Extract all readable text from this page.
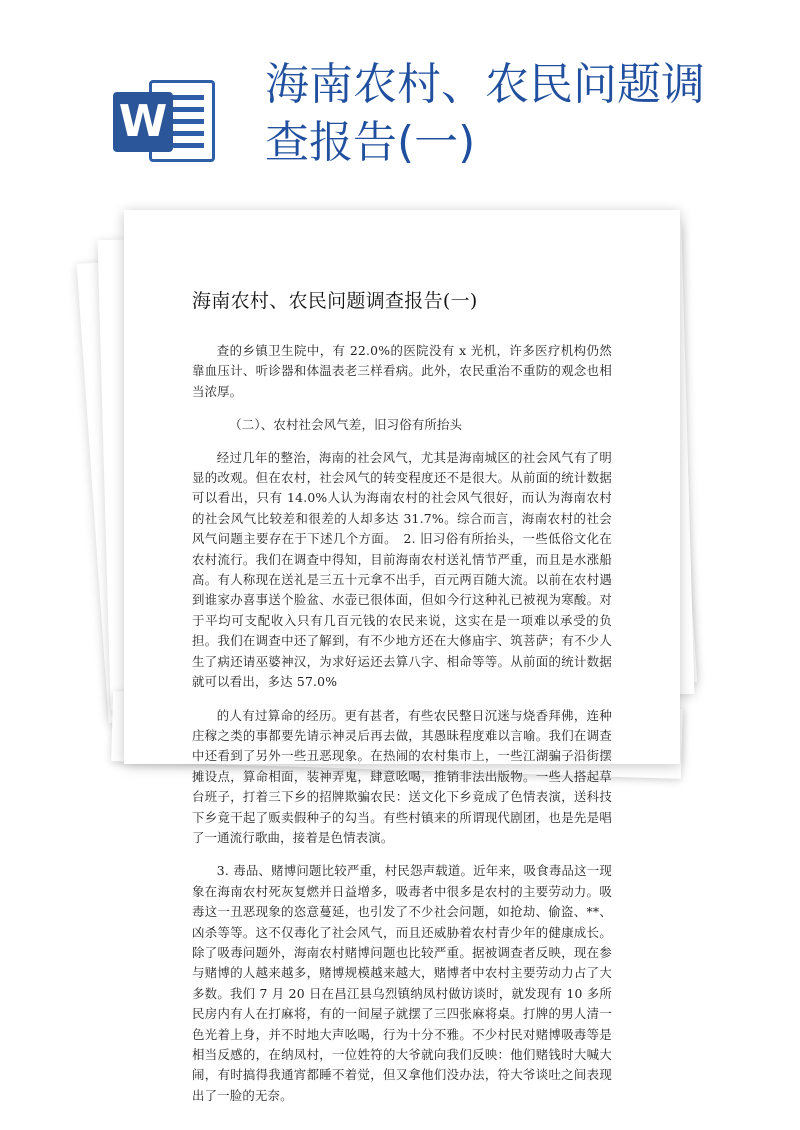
W
海南农村、农民问题调查报告(一)
海南农村、农民问题调查报告(一)

查的乡镇卫生院中，有 22.0%的医院没有 x 光机，许多医疗机构仍然靠血压计、听诊器和体温表老三样看病。此外，农民重治不重防的观念也相当浓厚。

（二）、农村社会风气差，旧习俗有所抬头

经过几年的整治，海南的社会风气，尤其是海南城区的社会风气有了明显的改观。但在农村，社会风气的转变程度还不是很大。从前面的统计数据可以看出，只有 14.0%人认为海南农村的社会风气很好，而认为海南农村的社会风气比较差和很差的人却多达 31.7%。综合而言，海南农村的社会风气问题主要存在于下述几个方面。　2. 旧习俗有所抬头，一些低俗文化在农村流行。我们在调查中得知，目前海南农村送礼情节严重，而且是水涨船高。有人称现在送礼是三五十元拿不出手，百元两百随大流。以前在农村遇到谁家办喜事送个脸盆、水壶已很体面，但如今行这种礼已被视为寒酸。对于平均可支配收入只有几百元钱的农民来说，这实在是一项难以承受的负担。我们在调查中还了解到，有不少地方还在大修庙宇、筑菩萨；有不少人生了病还请巫婆神汉，为求好运还去算八字、相命等等。从前面的统计数据就可以看出，多达 57.0%

的人有过算命的经历。更有甚者，有些农民整日沉迷与烧香拜佛，连种庄稼之类的事都要先请示神灵后再去做，其愚昧程度难以言喻。我们在调查中还看到了另外一些丑恶现象。在热闹的农村集市上，一些江湖骗子沿街摆摊设点，算命相面，装神弄鬼，肆意吆喝，推销非法出版物。一些人搭起草台班子，打着三下乡的招牌欺骗农民：送文化下乡竟成了色情表演，送科技下乡竟干起了贩卖假种子的勾当。有些村镇来的所谓现代剧团，也是先是唱了一通流行歌曲，接着是色情表演。

3. 毒品、赌博问题比较严重，村民怨声载道。近年来，吸食毒品这一现象在海南农村死灰复燃并日益增多，吸毒者中很多是农村的主要劳动力。吸毒这一丑恶现象的恣意蔓延，也引发了不少社会问题，如抢劫、偷盗、**、凶杀等等。这不仅毒化了社会风气，而且还威胁着农村青少年的健康成长。除了吸毒问题外，海南农村赌博问题也比较严重。据被调查者反映，现在参与赌博的人越来越多，赌博规模越来越大，赌博者中农村主要劳动力占了大多数。我们 7 月 20 日在昌江县乌烈镇纳凤村做访谈时，就发现有 10 多所民房内有人在打麻将，有的一间屋子就摆了三四张麻将桌。打牌的男人清一色光着上身，并不时地大声吆喝，行为十分不雅。不少村民对赌博吸毒等是相当反感的，在纳凤村，一位姓符的大爷就向我们反映：他们赌钱时大喊大闹，有时搞得我通宵都睡不着觉，但又拿他们没办法，符大爷谈吐之间表现出了一脸的无奈。
